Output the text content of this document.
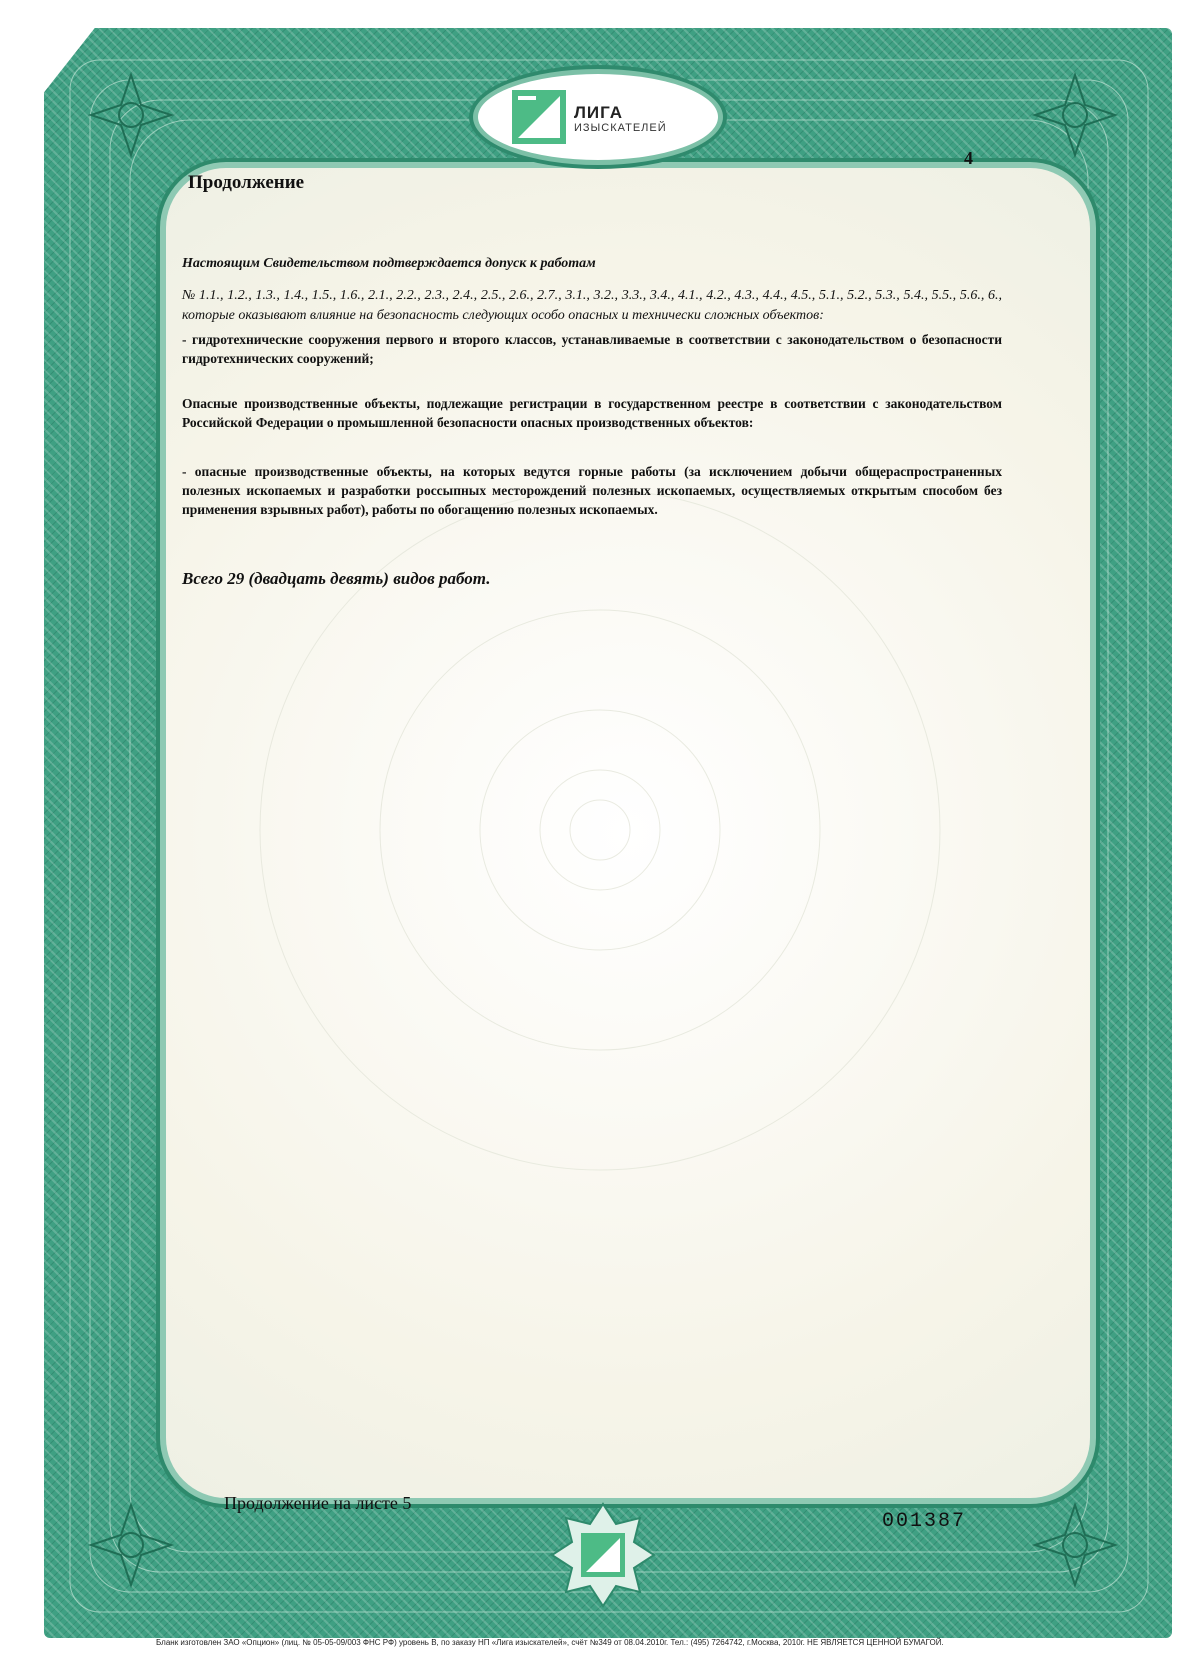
ЛИГА
ИЗЫСКАТЕЛЕЙ
4
Продолжение

Настоящим Свидетельством подтверждается допуск к работам

№ 1.1., 1.2., 1.3., 1.4., 1.5., 1.6., 2.1., 2.2., 2.3., 2.4., 2.5., 2.6., 2.7., 3.1., 3.2., 3.3., 3.4., 4.1., 4.2., 4.3., 4.4., 4.5., 5.1., 5.2., 5.3., 5.4., 5.5., 5.6., 6., которые оказывают влияние на безопасность следующих особо опасных и технически сложных объектов:

- гидротехнические сооружения первого и второго классов, устанавливаемые в соответствии с законодательством о безопасности гидротехнических сооружений;

Опасные производственные объекты, подлежащие регистрации в государственном реестре в соответствии с законодательством Российской Федерации о промышленной безопасности опасных производственных объектов:

- опасные производственные объекты, на которых ведутся горные работы (за исключением добычи общераспространенных полезных ископаемых и разработки россыпных месторождений полезных ископаемых, осуществляемых открытым способом без применения взрывных работ), работы по обогащению полезных ископаемых.

Всего 29 (двадцать девять) видов работ.

Продолжение на листе 5
001387
Бланк изготовлен ЗАО «Опцион» (лиц. № 05-05-09/003 ФНС РФ) уровень В, по заказу НП «Лига изыскателей», счёт №349 от 08.04.2010г. Тел.: (495) 7264742, г.Москва, 2010г. НЕ ЯВЛЯЕТСЯ ЦЕННОЙ БУМАГОЙ.
